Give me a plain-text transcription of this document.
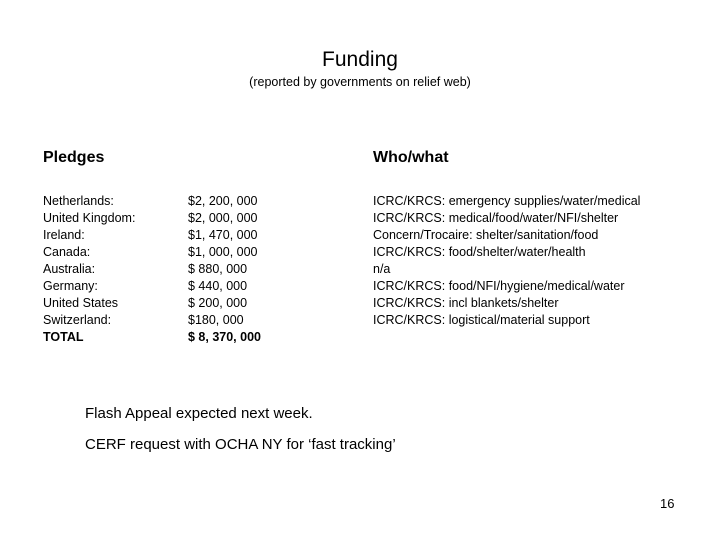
Funding
(reported by governments on relief web)
Pledges	Who/what
Netherlands:
United Kingdom:
Ireland:
Canada:
Australia:
Germany:
United States
Switzerland:
TOTAL
$2, 200, 000
$2, 000, 000
$1, 470, 000
$1, 000, 000
$ 880, 000
$ 440, 000
$ 200, 000
$180, 000
$ 8, 370, 000
ICRC/KRCS: emergency supplies/water/medical
ICRC/KRCS: medical/food/water/NFI/shelter
Concern/Trocaire: shelter/sanitation/food
ICRC/KRCS: food/shelter/water/health
n/a
ICRC/KRCS: food/NFI/hygiene/medical/water
ICRC/KRCS: incl blankets/shelter
ICRC/KRCS: logistical/material support
Flash Appeal expected next week.
CERF request with OCHA NY for ‘fast tracking’
16
